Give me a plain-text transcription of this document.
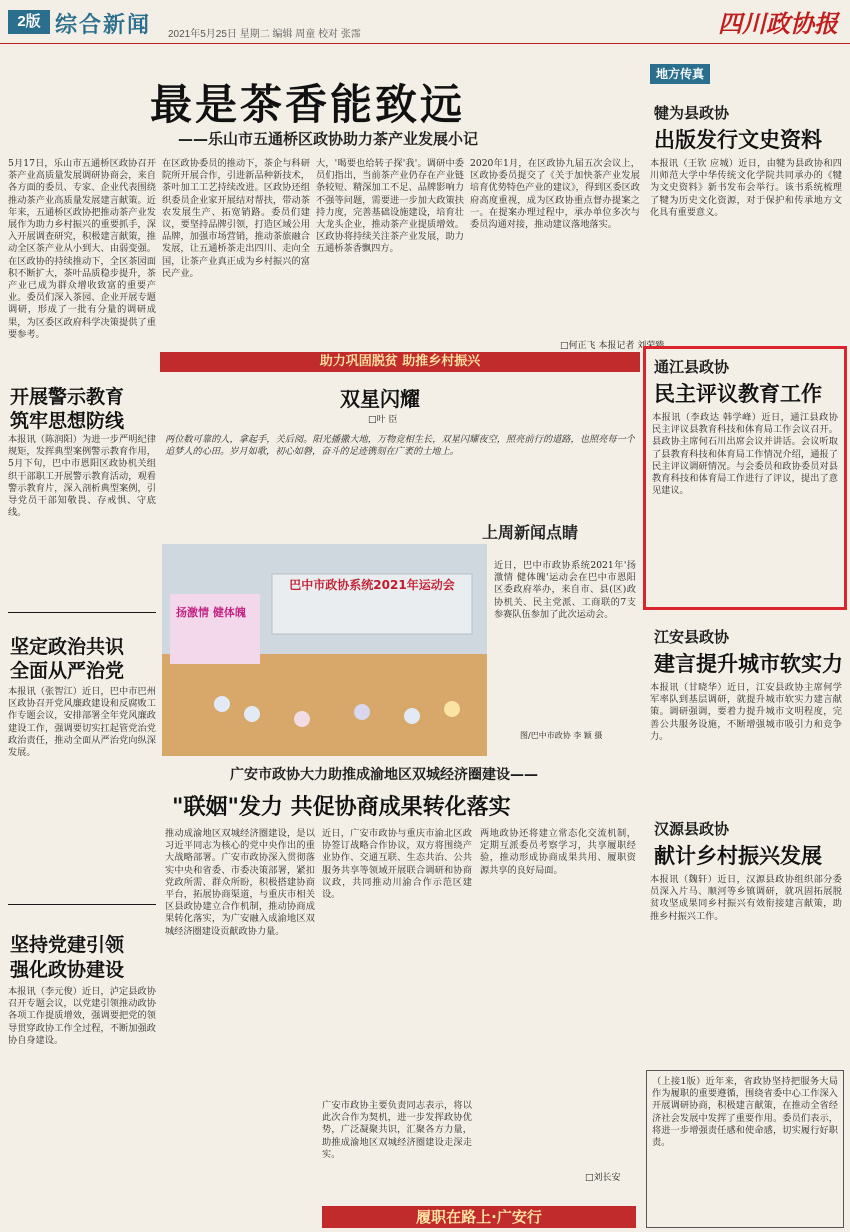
2版 综合新闻 2021年5月25日 星期二 编辑 周童 校对 张霈	四川政协报
最是茶香能致远
——乐山市五通桥区政协助力茶产业发展小记
5月17日，乐山市五通桥区政协召开茶产业高质量发展调研协商会，来自各方面的委员、专家、企业代表围绕推动茶产业高质量发展建言献策。近年来，五通桥区政协把推动茶产业发展作为助力乡村振兴的重要抓手，深入开展调查研究，积极建言献策，推动全区茶产业从小到大、由弱变强。在区政协的持续推动下，全区茶园面积不断扩大，茶叶品质稳步提升，茶产业已成为群众增收致富的重要产业。委员们深入茶园、企业开展专题调研，形成了一批有分量的调研成果，为区委区政府科学决策提供了重要参考。
在区政协委员的推动下，茶企与科研院所开展合作，引进新品种新技术，茶叶加工工艺持续改进。区政协还组织委员企业家开展结对帮扶，带动茶农发展生产、拓宽销路。委员们建议，要坚持品牌引领，打造区域公用品牌，加强市场营销，推动茶旅融合发展，让五通桥茶走出四川、走向全国，让茶产业真正成为乡村振兴的富民产业。
大，'喝要也给转子探'我'。调研中委员们指出，当前茶产业仍存在产业链条较短、精深加工不足、品牌影响力不强等问题，需要进一步加大政策扶持力度，完善基础设施建设，培育壮大龙头企业，推动茶产业提质增效。区政协将持续关注茶产业发展，助力五通桥茶香飘四方。
2020年1月，在区政协九届五次会议上，区政协委员提交了《关于加快茶产业发展 培育优势特色产业的建议》，得到区委区政府高度重视，成为区政协重点督办提案之一。在提案办理过程中，承办单位多次与委员沟通对接，推动建议落地落实。
□何正飞 本报记者 刘荣臻
助力巩固脱贫 助推乡村振兴
开展警示教育
筑牢思想防线
本报讯（陈润阳）为进一步严明纪律规矩，发挥典型案例警示教育作用，5月下旬，巴中市恩阳区政协机关组织干部职工开展警示教育活动，观看警示教育片，深入剖析典型案例，引导党员干部知敬畏、存戒惧、守底线。
坚定政治共识
全面从严治党
本报讯（张智江）近日，巴中市巴州区政协召开党风廉政建设和反腐败工作专题会议，安排部署全年党风廉政建设工作，强调要切实扛起管党治党政治责任，推动全面从严治党向纵深发展。
坚持党建引领
强化政协建设
本报讯（李元俊）近日，泸定县政协召开专题会议，以党建引领推动政协各项工作提质增效，强调要把党的领导贯穿政协工作全过程，不断加强政协自身建设。
双星闪耀
□叶 臣
两位数可靠的人，拿起手，关后阅。阳光播撒大地，万物竞相生长，双星闪耀夜空，照亮前行的道路，也照亮每一个追梦人的心田。岁月如歌，初心如磐，奋斗的足迹镌刻在广袤的土地上。
上周新闻点睛
巴中市政协系统2021年运动会
扬激情 健体魄
近日，巴中市政协系统2021年'扬激情 健体魄'运动会在巴中市恩阳区委政府举办，来自市、县(区)政协机关、民主党派、工商联的7支参赛队伍参加了此次运动会。
图/巴中市政协 李 颖 摄
广安市政协大力助推成渝地区双城经济圈建设——
"联姻"发力 共促协商成果转化落实
推动成渝地区双城经济圈建设，是以习近平同志为核心的党中央作出的重大战略部署。广安市政协深入贯彻落实中央和省委、市委决策部署，紧扣党政所需、群众所盼，积极搭建协商平台，拓展协商渠道，与重庆市相关区县政协建立合作机制，推动协商成果转化落实，为广安融入成渝地区双城经济圈建设贡献政协力量。
近日，广安市政协与重庆市渝北区政协签订战略合作协议，双方将围绕产业协作、交通互联、生态共治、公共服务共享等领域开展联合调研和协商议政，共同推动川渝合作示范区建设。
两地政协还将建立常态化交流机制，定期互派委员考察学习，共享履职经验，推动形成协商成果共用、履职资源共享的良好局面。
□刘长安
履职在路上·广安行
广安市政协主要负责同志表示，将以此次合作为契机，进一步发挥政协优势，广泛凝聚共识，汇聚各方力量，助推成渝地区双城经济圈建设走深走实。
地方传真
犍为县政协
出版发行文史资料
本报讯（王钦 应城）近日，由犍为县政协和四川师范大学中华传统文化学院共同承办的《犍为文史资料》新书发布会举行。该书系统梳理了犍为历史文化资源，对于保护和传承地方文化具有重要意义。
通江县政协
民主评议教育工作
本报讯（李政达 韩学峰）近日，通江县政协民主评议县教育科技和体育局工作会议召开。县政协主席何石川出席会议并讲话。会议听取了县教育科技和体育局工作情况介绍，通报了民主评议调研情况。与会委员和政协委员对县教育科技和体育局工作进行了评议，提出了意见建议。
江安县政协
建言提升城市软实力
本报讯（甘晓华）近日，江安县政协主席何学军率队到基层调研，就提升城市软实力建言献策。调研强调，要着力提升城市文明程度，完善公共服务设施，不断增强城市吸引力和竞争力。
汉源县政协
献计乡村振兴发展
本报讯（魏轩）近日，汉源县政协组织部分委员深入片马、顺河等乡镇调研，就巩固拓展脱贫攻坚成果同乡村振兴有效衔接建言献策，助推乡村振兴工作。
（上接1版）近年来，省政协坚持把服务大局作为履职的重要遵循，围绕省委中心工作深入开展调研协商，积极建言献策，在推动全省经济社会发展中发挥了重要作用。委员们表示，将进一步增强责任感和使命感，切实履行好职责。
